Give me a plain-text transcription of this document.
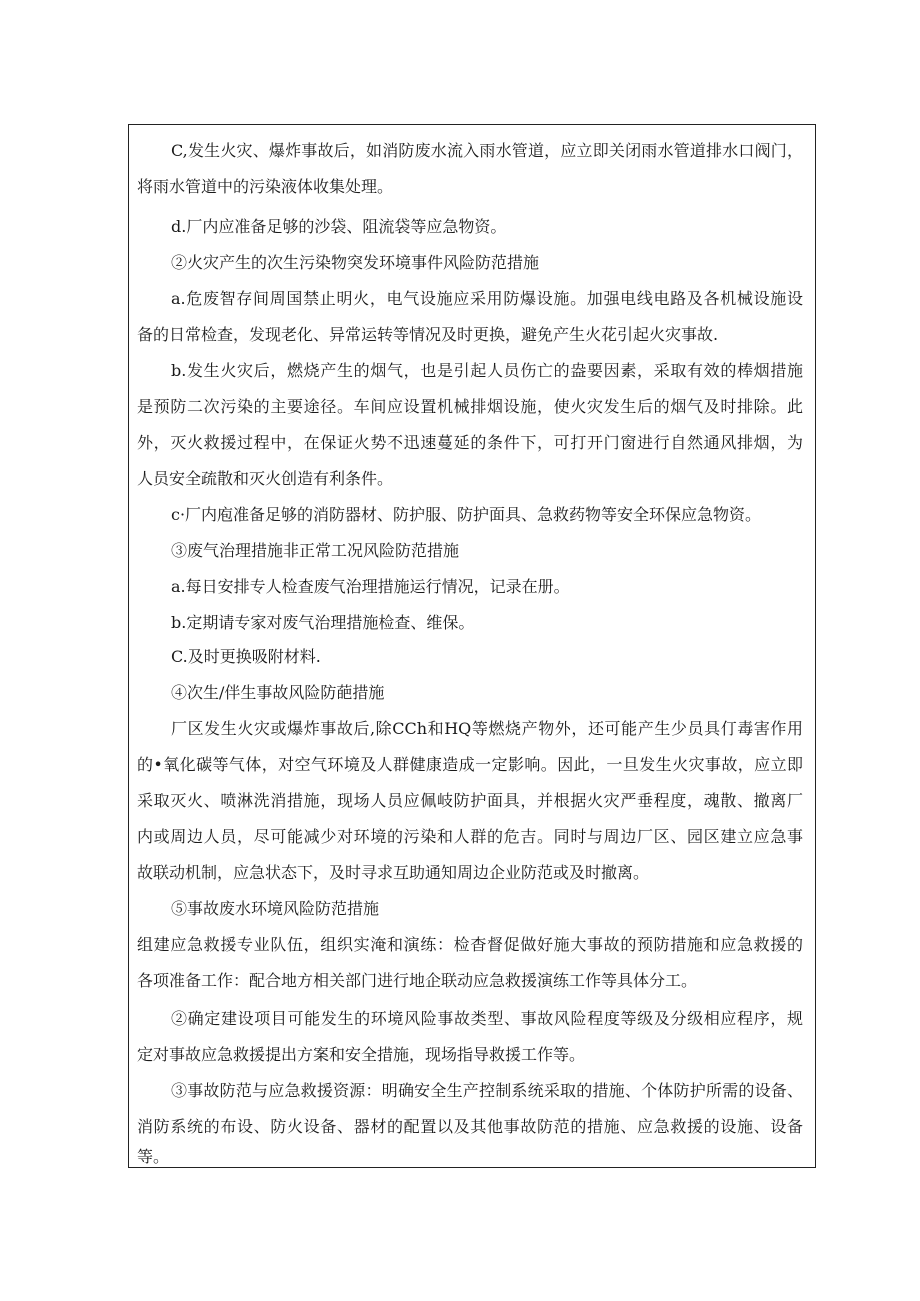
C,发生火灾、爆炸事故后，如消防废水流入雨水管道，应立即关闭雨水管道排水口阀门，
将雨水管道中的污染液体收集处理。
d.厂内应准备足够的沙袋、阻流袋等应急物资。
②火灾产生的次生污染物突发环境事件风险防范措施
a.危废智存间周国禁止明火，电气设施应采用防爆设施。加强电线电路及各机械设施设
备的日常检查，发现老化、异常运转等情况及时更换，避免产生火花引起火灾事故.
b.发生火灾后，燃烧产生的烟气，也是引起人员伤亡的盎要因素，采取有效的棒烟措施
是预防二次污染的主要途径。车间应设置机械排烟设施，使火灾发生后的烟气及时排除。此
外，灭火救援过程中，在保证火势不迅速蔓延的条件下，可打开门窗进行自然通风排烟，为
人员安全疏散和灭火创造有利条件。
c·厂内庖准备足够的消防器材、防护服、防护面具、急救药物等安全环保应急物资。
③废气治理措施非正常工况风险防范措施
a.每日安排专人检查废气治理措施运行情况，记录在册。
b.定期请专家对废气治理措施检查、维保。
C.及时更换吸附材料.
④次生/伴生事故风险防葩措施
厂区发生火灾或爆炸事故后,除CCh和HQ等燃烧产物外，还可能产生少员具仃毒害作用
的•氧化碳等气体，对空气环境及人群健康造成一定影响。因此，一旦发生火灾事故，应立即
采取灭火、喷淋洗消措施，现场人员应佩岐防护面具，并根据火灾严垂程度，魂散、撤离厂
内或周边人员，尽可能减少对环境的污染和人群的危吉。同时与周边厂区、园区建立应急事
故联动机制，应急状态下，及时寻求互助通知周边企业防范或及时撤离。
⑤事故废水环境风险防范措施
组建应急救援专业队伍，组织实淹和演练：检杳督促做好施大事故的预防措施和应急救援的
各项准备工作：配合地方相关部门进行地企联动应急救援演练工作等具体分工。
②确定建设项目可能发生的环境风险事故类型、事故风险程度等级及分级相应程序，规
定对事故应急救援提出方案和安全措施，现场指导救援工作等。
③事故防范与应急救援资源：明确安全生产控制系统采取的措施、个体防护所需的设备、
消防系统的布设、防火设备、器材的配置以及其他事故防范的措施、应急救援的设施、设备
等。
